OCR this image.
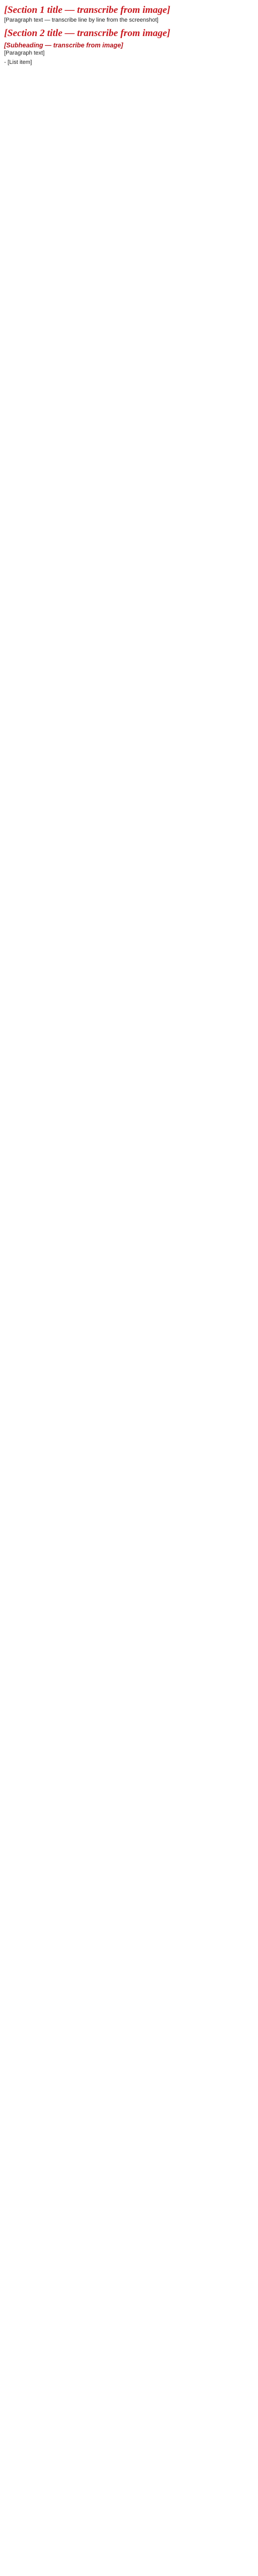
[Section 1 title — transcribe from image]

[Paragraph text — transcribe line by line from the screenshot]

[Section 2 title — transcribe from image]
[Subheading — transcribe from image]

[Paragraph text]

- [List item]
